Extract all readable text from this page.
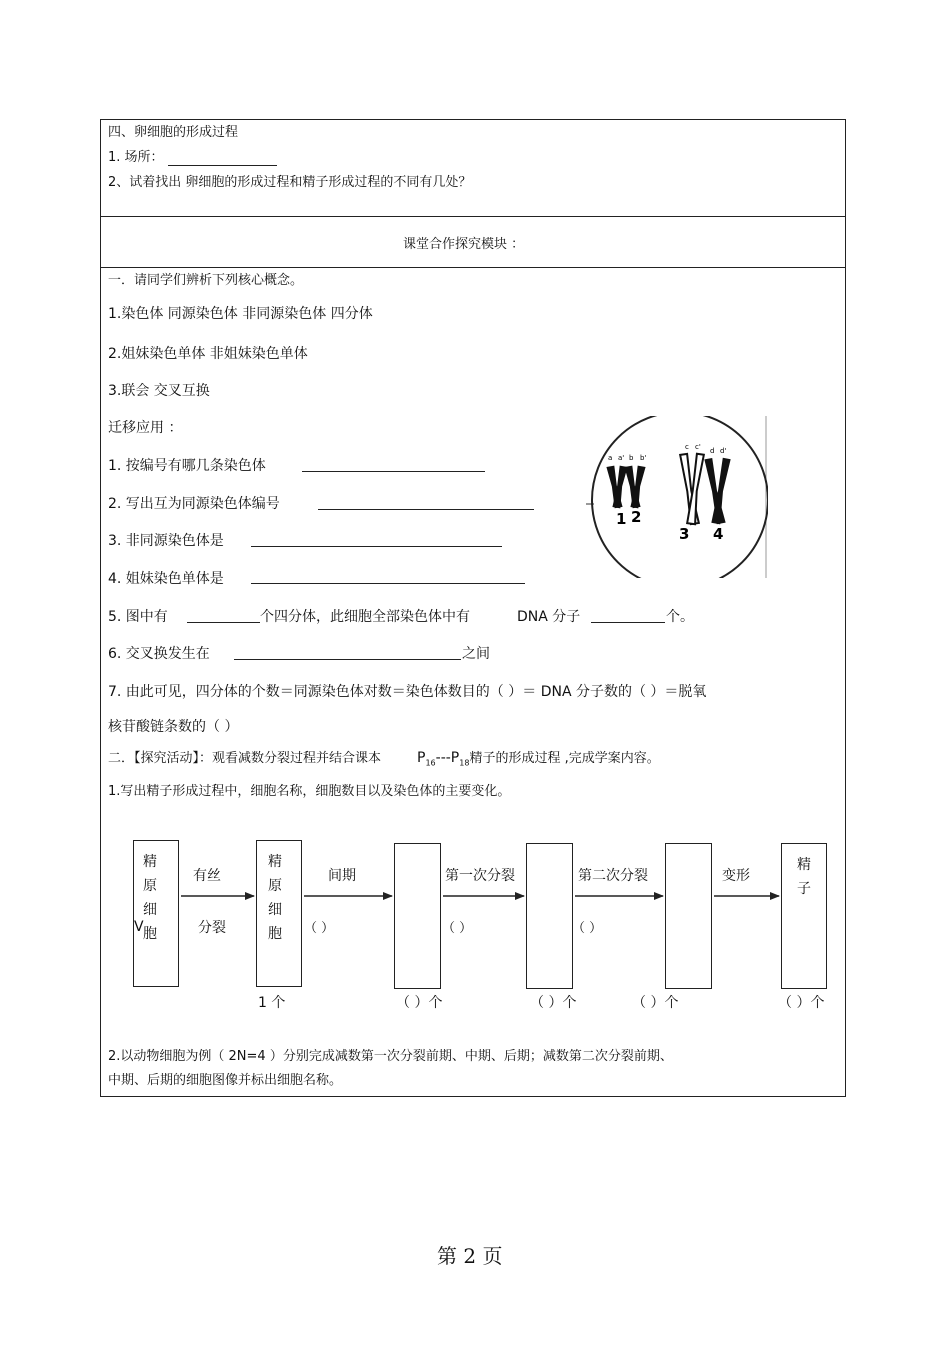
四、卵细胞的形成过程
1. 场所：
2、试着找出 卵细胞的形成过程和精子形成过程的不同有几处？
课堂合作探究模块 ：
一．请同学们辨析下列核心概念。
1.染色体 同源染色体 非同源染色体 四分体
2.姐妹染色单体 非姐妹染色单体
3.联会 交叉互换
迁移应用 ：
1. 按编号有哪几条染色体
2. 写出互为同源染色体编号
3. 非同源染色体是
4. 姐妹染色单体是
5. 图中有	个四分体，此细胞全部染色体中有	DNA 分子	个。
6. 交叉换发生在	之间
7. 由此可见，四分体的个数＝同源染色体对数＝染色体数目的（ ）＝ DNA 分子数的（ ）＝脱氧
核苷酸链条数的（ ）
a a' b b'
c c' d d'
1 2
3 4
二．【探究活动】：观看减数分裂过程并结合课本	$P_{16}---P_{18}$精子的形成过程 ,完成学案内容。
1.写出精子形成过程中，细胞名称，细胞数目以及染色体的主要变化。
精原细胞
V
精原细胞
精子
有丝
分裂
间期	第一次分裂	第二次分裂	变形
（ ）	（ ）	（ ）
1 个	（ ）个	（ ）个	（ ）个	（ ）个
2.以动物细胞为例（ 2N=4 ）分别完成减数第一次分裂前期、中期、后期；减数第二次分裂前期、
中期、后期的细胞图像并标出细胞名称。
第 2 页
